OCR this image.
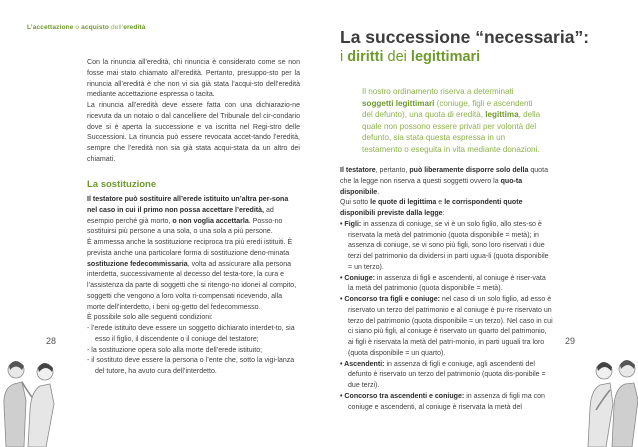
L’accettazione o acquisto dell’eredità

Con la rinuncia all’eredità, chi rinuncia è considerato come se non fosse mai stato chiamato all’eredità. Pertanto, presuppo-sto per la rinuncia all’eredità è che non vi sia già stata l’acqui-sto dell’eredità mediante accettazione espressa o tacita.

La rinuncia all’eredità deve essere fatta con una dichiarazio-ne ricevuta da un notaio o dal cancelliere del Tribunale del cir-condario dove si è aperta la successione e va iscritta nel Regi-stro delle Successioni. La rinuncia può essere revocata accet-tando l’eredità, sempre che l’eredità non sia già stata acqui-stata da un altro dei chiamati.

La sostituzione

Il testatore può sostituire all’erede istituito un’altra per-sona nel caso in cui il primo non possa accettare l’eredità, ad esempio perché già morto, o non voglia accettarla. Posso-no sostituirsi più persone a una sola, o una sola a più persone.

È ammessa anche la sostituzione reciproca tra più eredi istituiti. È prevista anche una particolare forma di sostituzione deno-minata sostituzione fedecommissaria, volta ad assicurare alla persona interdetta, successivamente al decesso del testa-tore, la cura e l’assistenza da parte di soggetti che si ritengo-no idonei al compito, soggetti che vengono a loro volta ri-compensati ricevendo, alla morte dell’interdetto, i beni og-getto del fedecommesso.

È possibile solo alle seguenti condizioni:

- l’erede istituito deve essere un soggetto dichiarato interdet-to, sia esso il figlio, il discendente o il coniuge del testatore;

- la sostituzione opera solo alla morte dell’erede istituito;

- il sostituto deve essere la persona o l’ente che, sotto la vigi-lanza del tutore, ha avuto cura dell’interdetto.

28
La successione “necessaria”:
i diritti dei legittimari
Il nostro ordinamento riserva a determinati soggetti legittimari (coniuge, figli e ascendenti del defunto), una quota di eredità, legittima, della quale non possono essere privati per volontà del defunto, sia stata questa espressa in un testamento o eseguita in vita mediante donazioni.

Il testatore, pertanto, può liberamente disporre solo della quota che la legge non riserva a questi soggetti ovvero la quo-ta disponibile.

Qui sotto le quote di legittima e le corrispondenti quote disponibili previste dalla legge:

• Figli: in assenza di coniuge, se vi è un solo figlio, allo stes-so è riservata la metà del patrimonio (quota disponibile = metà); in assenza di coniuge, se vi sono più figli, sono loro riservati i due terzi del patrimonio da dividersi in parti ugua-li (quota disponibile = un terzo).

• Coniuge: in assenza di figli e ascendenti, al coniuge è riser-vata la metà del patrimonio (quota disponibile = metà).

• Concorso tra figli e coniuge: nel caso di un solo figlio, ad esso è riservato un terzo del patrimonio e al coniuge è pu-re riservato un terzo del patrimonio (quota disponibile = un terzo). Nel caso in cui ci siano più figli, al coniuge è riservato un quarto del patrimonio, ai figli è riservata la metà del patri-monio, in parti uguali tra loro (quota disponibile = un quarto).

• Ascendenti: in assenza di figli e coniuge, agli ascendenti del defunto è riservato un terzo del patrimonio (quota dis-ponibile = due terzi).

• Concorso tra ascendenti e coniuge: in assenza di figli ma con coniuge e ascendenti, al coniuge è riservata la metà del

29
